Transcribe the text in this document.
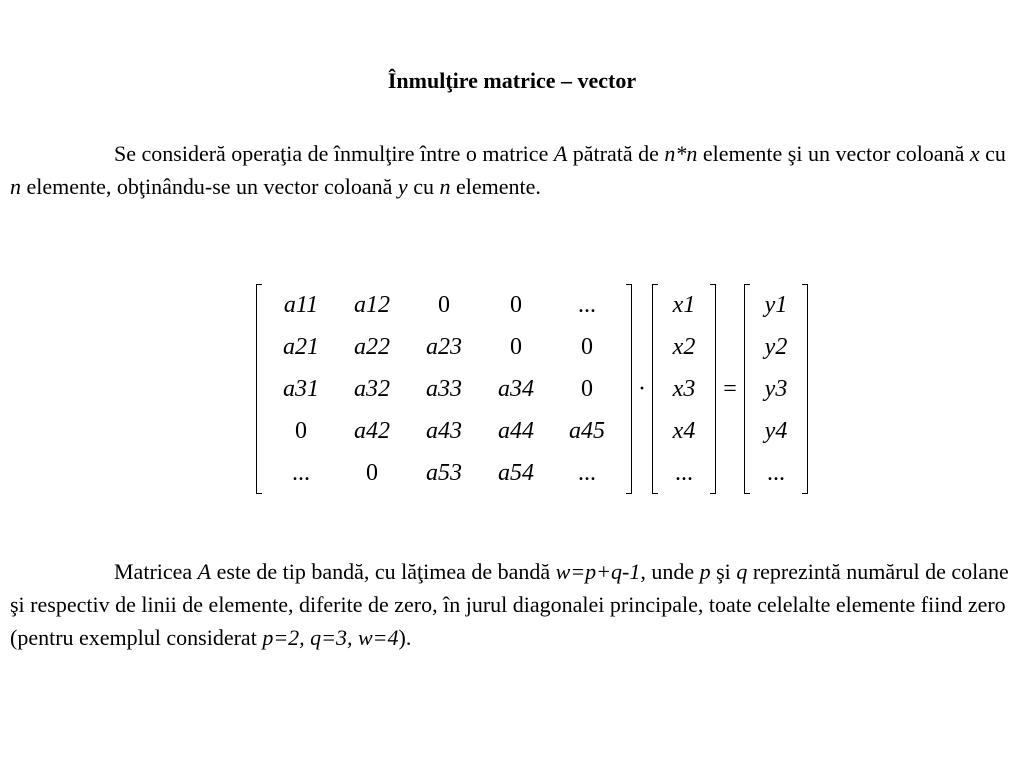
Înmulţire matrice – vector
Se consideră operaţia de înmulţire între o matrice A pătrată de n*n elemente şi un vector coloană x cu n elemente, obţinându-se un vector coloană y cu n elemente.
a11 a12 0	0 ...
a21 a22 a23 0 0
a31 a32 a33 a34 0
0 a42 a43 a44 a45
... 0 a53 a54 ...
·
x1
x2
x3
x4
...
=
y1
y2
y3
y4
...
Matricea A este de tip bandă, cu lăţimea de bandă w=p+q-1, unde p şi q reprezintă numărul de colane şi respectiv de linii de elemente, diferite de zero, în jurul diagonalei principale, toate celelalte elemente fiind zero (pentru exemplul considerat p=2, q=3, w=4).
